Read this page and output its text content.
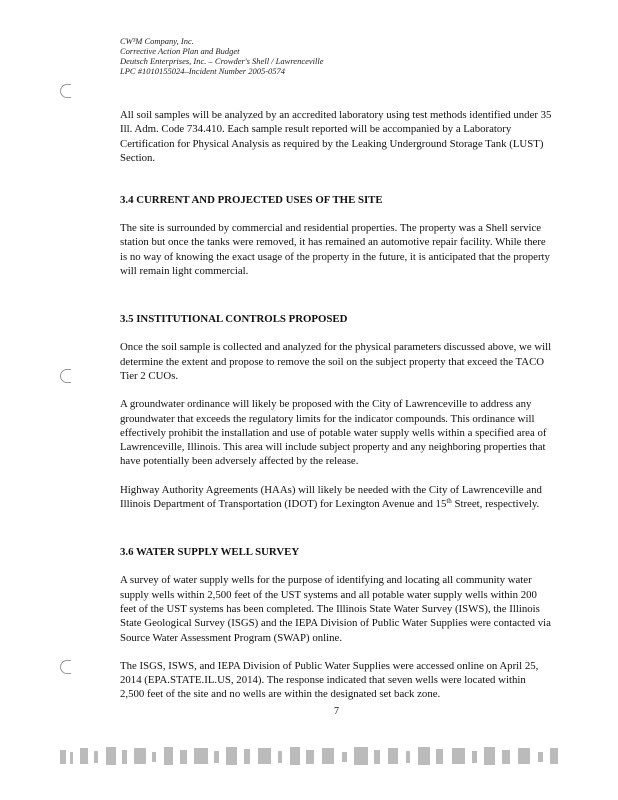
CW³M Company, Inc.
Corrective Action Plan and Budget
Deutsch Enterprises, Inc. – Crowder's Shell / Lawrenceville
LPC #1010155024–Incident Number 2005-0574

All soil samples will be analyzed by an accredited laboratory using test methods identified under 35 Ill. Adm. Code 734.410. Each sample result reported will be accompanied by a Laboratory Certification for Physical Analysis as required by the Leaking Underground Storage Tank (LUST) Section.

3.4 CURRENT AND PROJECTED USES OF THE SITE

The site is surrounded by commercial and residential properties. The property was a Shell service station but once the tanks were removed, it has remained an automotive repair facility. While there is no way of knowing the exact usage of the property in the future, it is anticipated that the property will remain light commercial.

3.5 INSTITUTIONAL CONTROLS PROPOSED

Once the soil sample is collected and analyzed for the physical parameters discussed above, we will determine the extent and propose to remove the soil on the subject property that exceed the TACO Tier 2 CUOs.

A groundwater ordinance will likely be proposed with the City of Lawrenceville to address any groundwater that exceeds the regulatory limits for the indicator compounds. This ordinance will effectively prohibit the installation and use of potable water supply wells within a specified area of Lawrenceville, Illinois. This area will include subject property and any neighboring properties that have potentially been adversely affected by the release.

Highway Authority Agreements (HAAs) will likely be needed with the City of Lawrenceville and Illinois Department of Transportation (IDOT) for Lexington Avenue and 15th Street, respectively.

3.6 WATER SUPPLY WELL SURVEY

A survey of water supply wells for the purpose of identifying and locating all community water supply wells within 2,500 feet of the UST systems and all potable water supply wells within 200 feet of the UST systems has been completed. The Illinois State Water Survey (ISWS), the Illinois State Geological Survey (ISGS) and the IEPA Division of Public Water Supplies were contacted via Source Water Assessment Program (SWAP) online.

The ISGS, ISWS, and IEPA Division of Public Water Supplies were accessed online on April 25, 2014 (EPA.STATE.IL.US, 2014). The response indicated that seven wells were located within 2,500 feet of the site and no wells are within the designated set back zone.

7
